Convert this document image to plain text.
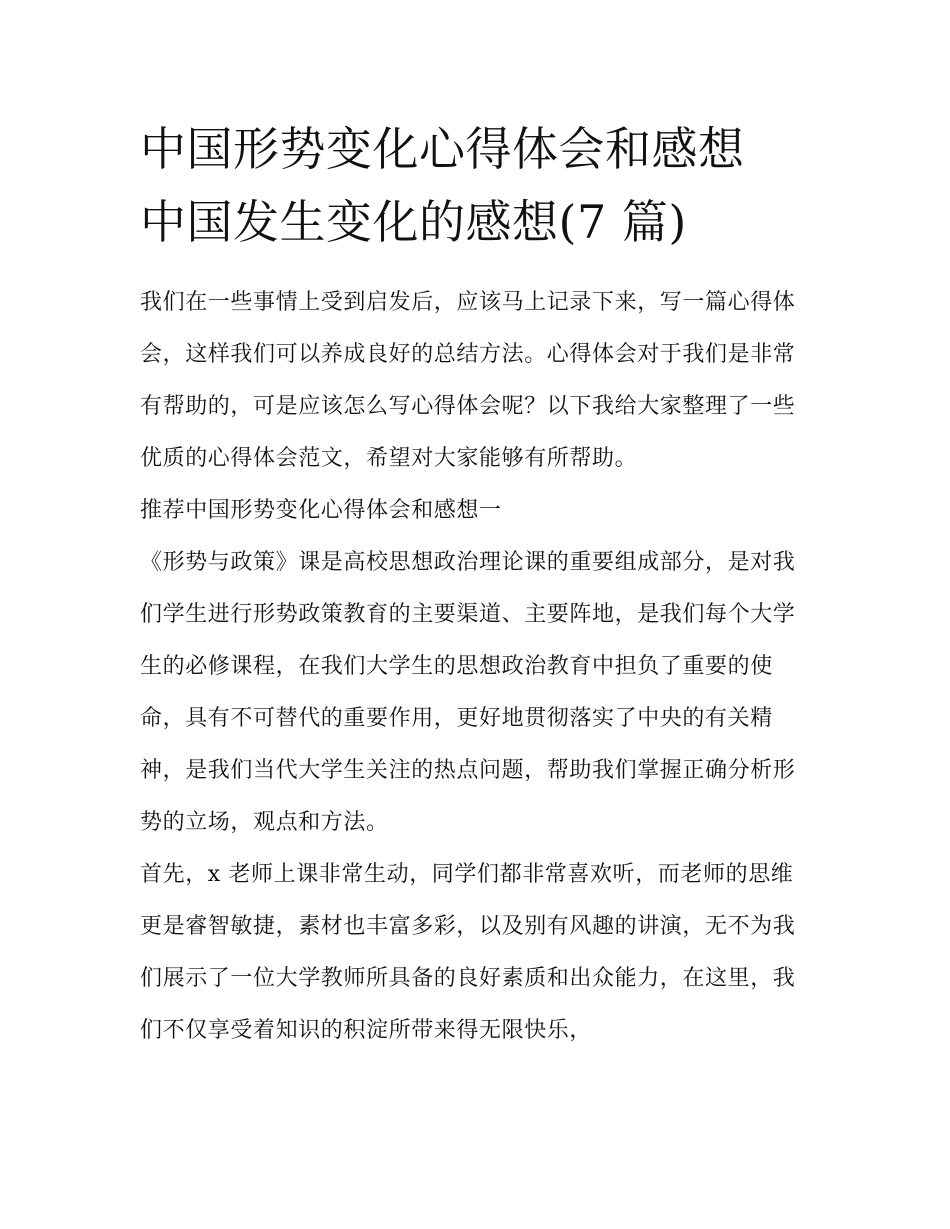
中国形势变化心得体会和感想
中国发生变化的感想(7 篇)

我们在一些事情上受到启发后，应该马上记录下来，写一篇心得体会，这样我们可以养成良好的总结方法。心得体会对于我们是非常有帮助的，可是应该怎么写心得体会呢？以下我给大家整理了一些优质的心得体会范文，希望对大家能够有所帮助。

推荐中国形势变化心得体会和感想一

《形势与政策》课是高校思想政治理论课的重要组成部分，是对我们学生进行形势政策教育的主要渠道、主要阵地，是我们每个大学生的必修课程，在我们大学生的思想政治教育中担负了重要的使命，具有不可替代的重要作用，更好地贯彻落实了中央的有关精神，是我们当代大学生关注的热点问题，帮助我们掌握正确分析形势的立场，观点和方法。

首先，x 老师上课非常生动，同学们都非常喜欢听，而老师的思维更是睿智敏捷，素材也丰富多彩，以及别有风趣的讲演，无不为我们展示了一位大学教师所具备的良好素质和出众能力，在这里，我们不仅享受着知识的积淀所带来得无限快乐，
